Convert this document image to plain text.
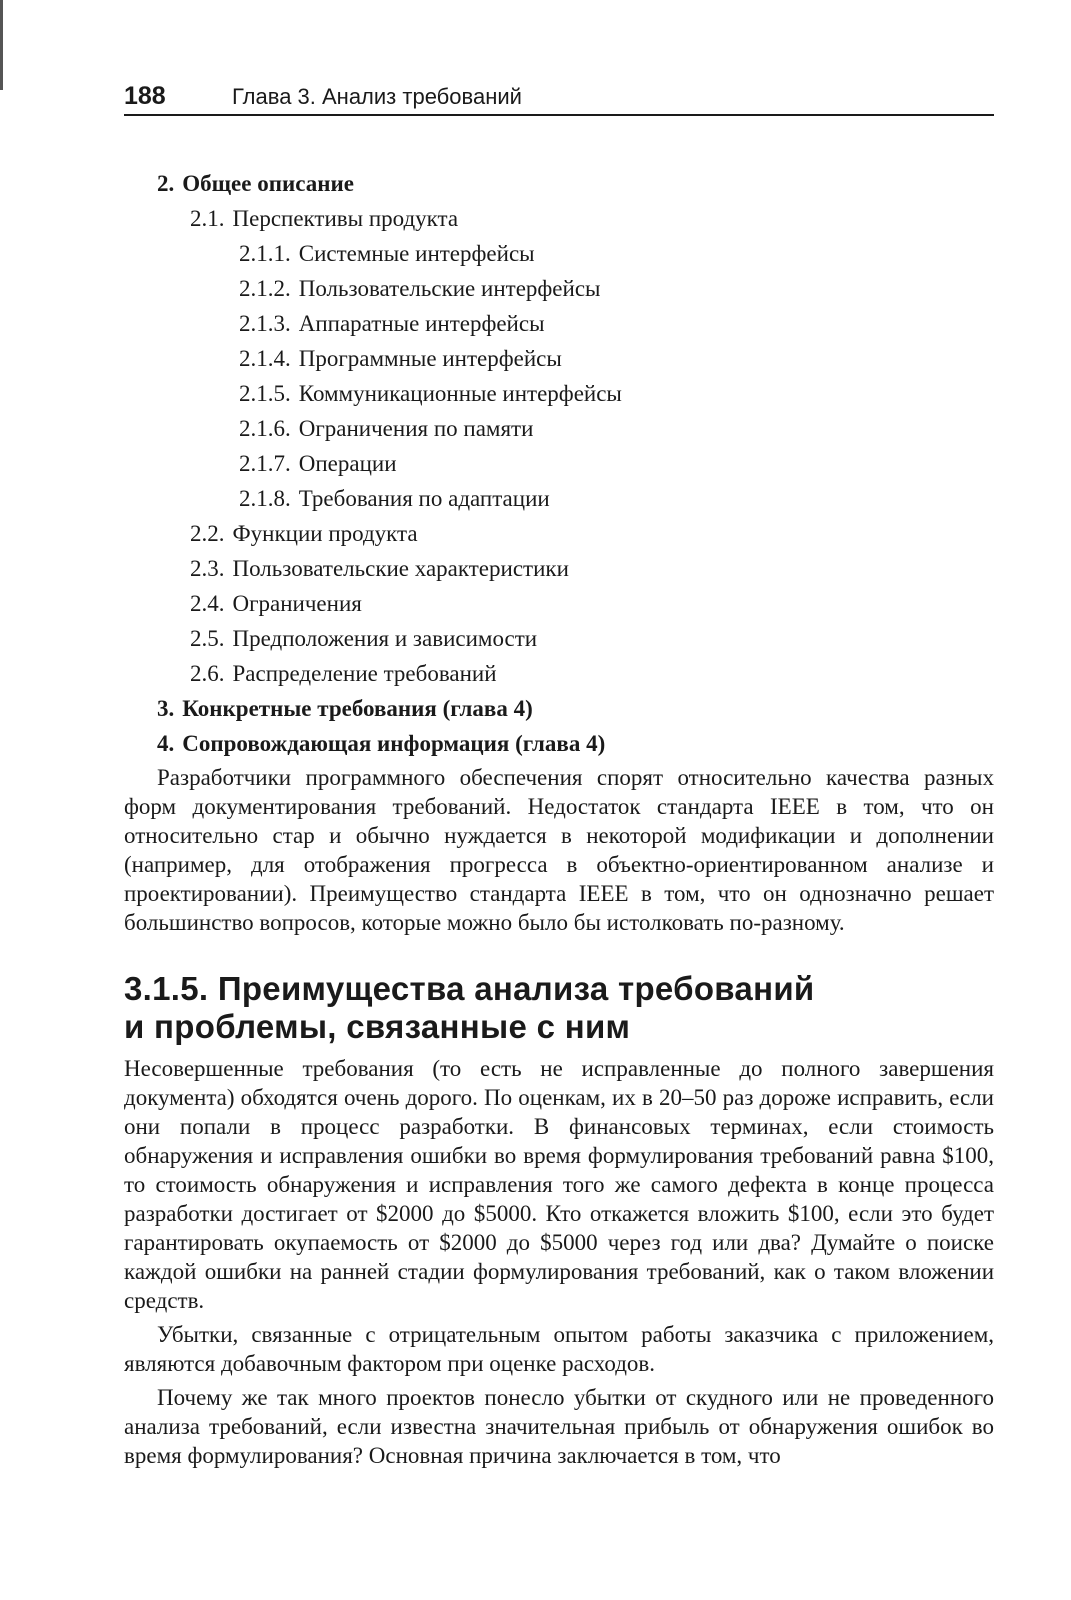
188	Глава 3. Анализ требований
2. Общее описание
2.1. Перспективы продукта
2.1.1. Системные интерфейсы
2.1.2. Пользовательские интерфейсы
2.1.3. Аппаратные интерфейсы
2.1.4. Программные интерфейсы
2.1.5. Коммуникационные интерфейсы
2.1.6. Ограничения по памяти
2.1.7. Операции
2.1.8. Требования по адаптации
2.2. Функции продукта
2.3. Пользовательские характеристики
2.4. Ограничения
2.5. Предположения и зависимости
2.6. Распределение требований
3. Конкретные требования (глава 4)
4. Сопровождающая информация (глава 4)

Разработчики программного обеспечения спорят относительно качества разных форм документирования требований. Недостаток стандарта IEEE в том, что он относительно стар и обычно нуждается в некоторой модификации и дополнении (например, для отображения прогресса в объектно-ориентированном анализе и проектировании). Преимущество стандарта IEEE в том, что он однозначно решает большинство вопросов, которые можно было бы истолковать по-разному.

3.1.5. Преимущества анализа требований
и проблемы, связанные с ним

Несовершенные требования (то есть не исправленные до полного завершения документа) обходятся очень дорого. По оценкам, их в 20–50 раз дороже исправить, если они попали в процесс разработки. В финансовых терминах, если стоимость обнаружения и исправления ошибки во время формулирования требований равна $100, то стоимость обнаружения и исправления того же самого дефекта в конце процесса разработки достигает от $2000 до $5000. Кто откажется вложить $100, если это будет гарантировать окупаемость от $2000 до $5000 через год или два? Думайте о поиске каждой ошибки на ранней стадии формулирования требований, как о таком вложении средств.

Убытки, связанные с отрицательным опытом работы заказчика с приложением, являются добавочным фактором при оценке расходов.

Почему же так много проектов понесло убытки от скудного или не проведенного анализа требований, если известна значительная прибыль от обнаружения ошибок во время формулирования? Основная причина заключается в том, что
